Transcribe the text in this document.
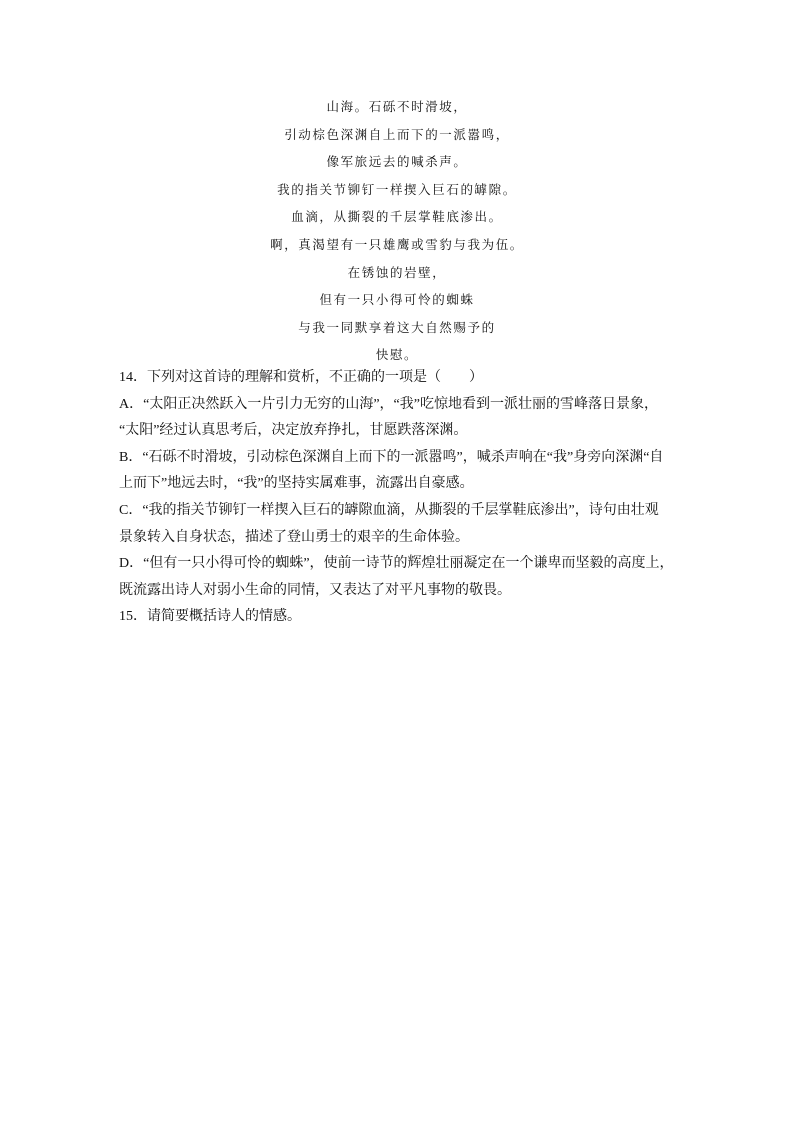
山海。石砾不时滑坡，
引动棕色深渊自上而下的一派嚣鸣，
像军旅远去的喊杀声。
我的指关节铆钉一样揳入巨石的罅隙。
血滴，从撕裂的千层掌鞋底渗出。
啊，真渴望有一只雄鹰或雪豹与我为伍。
在锈蚀的岩壁，
但有一只小得可怜的蜘蛛
与我一同默享着这大自然赐予的
快慰。
14．下列对这首诗的理解和赏析，不正确的一项是（　　）
A．“太阳正决然跃入一片引力无穷的山海”，“我”吃惊地看到一派壮丽的雪峰落日景象，
“太阳”经过认真思考后，决定放弃挣扎，甘愿跌落深渊。
B．“石砾不时滑坡，引动棕色深渊自上而下的一派嚣鸣”，喊杀声响在“我”身旁向深渊“自
上而下”地远去时，“我”的坚持实属难事，流露出自豪感。
C．“我的指关节铆钉一样揳入巨石的罅隙血滴，从撕裂的千层掌鞋底渗出”，诗句由壮观
景象转入自身状态，描述了登山勇士的艰辛的生命体验。
D．“但有一只小得可怜的蜘蛛”，使前一诗节的辉煌壮丽凝定在一个谦卑而坚毅的高度上，
既流露出诗人对弱小生命的同情，又表达了对平凡事物的敬畏。
15．请简要概括诗人的情感。
